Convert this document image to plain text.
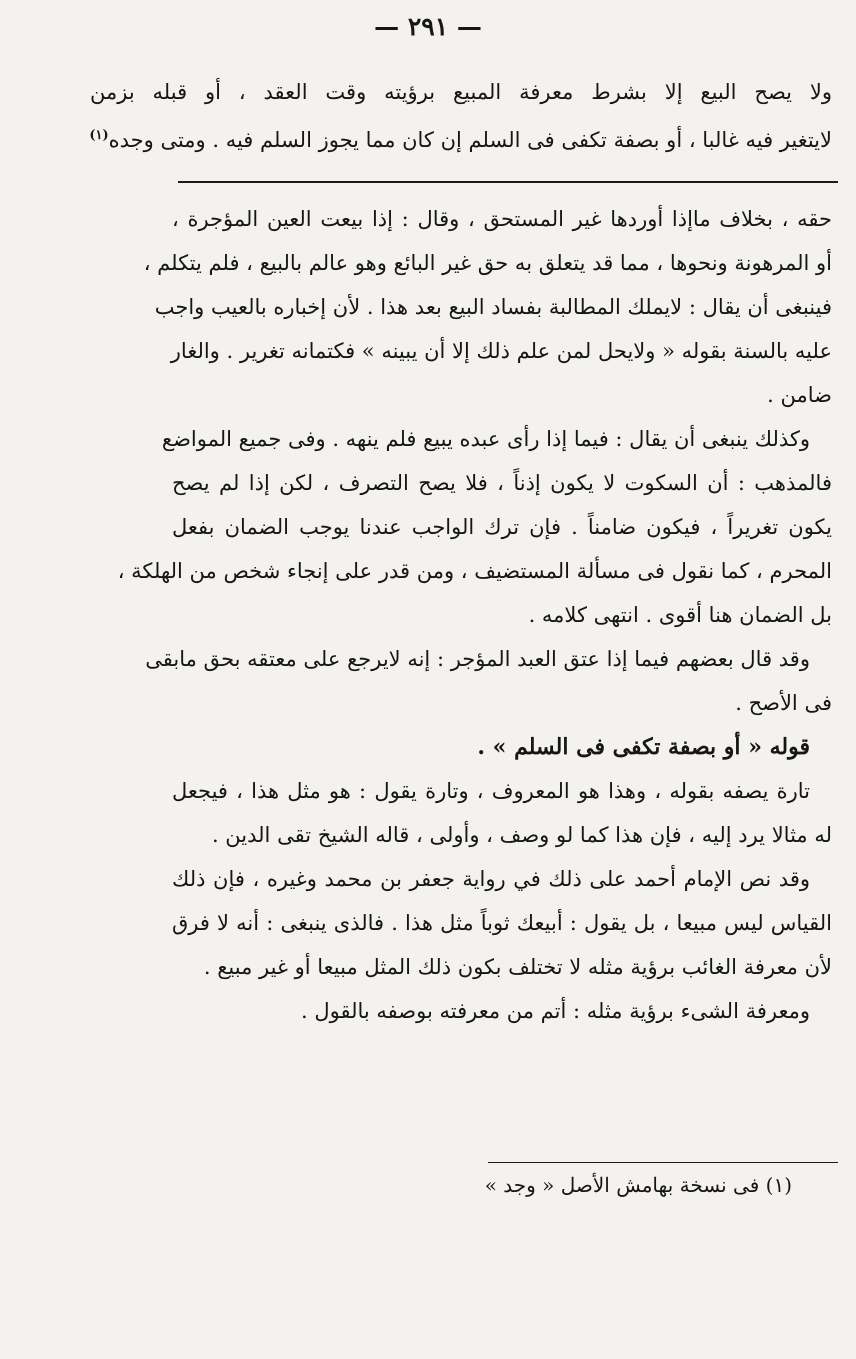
— ٢٩١ —
ولا يصح البيع إلا بشرط معرفة المبيع برؤيته وقت العقد ، أو قبله بزمن
لايتغير فيه غالبا ، أو بصفة تكفى فى السلم إن كان مما يجوز السلم فيه . ومتى وجده$^{(١)}$
حقه ، بخلاف ماإذا أوردها غير المستحق ، وقال : إذا بيعت العين المؤجرة ،
أو المرهونة ونحوها ، مما قد يتعلق به حق غير البائع وهو عالم بالبيع ، فلم يتكلم ،
فينبغى أن يقال : لايملك المطالبة بفساد البيع بعد هذا . لأن إخباره بالعيب واجب
عليه بالسنة بقوله « ولايحل لمن علم ذلك إلا أن يبينه » فكتمانه تغرير . والغار
ضامن .
وكذلك ينبغى أن يقال : فيما إذا رأى عبده يبيع فلم ينهه . وفى جميع المواضع
فالمذهب : أن السكوت لا يكون إذناً ، فلا يصح التصرف ، لكن إذا لم يصح
يكون تغريراً ، فيكون ضامناً . فإن ترك الواجب عندنا يوجب الضمان بفعل
المحرم ، كما نقول فى مسألة المستضيف ، ومن قدر على إنجاء شخص من الهلكة ،
بل الضمان هنا أقوى . انتهى كلامه .
وقد قال بعضهم فيما إذا عتق العبد المؤجر : إنه لايرجع على معتقه بحق مابقى
فى الأصح .
قوله « أو بصفة تكفى فى السلم » .
تارة يصفه بقوله ، وهذا هو المعروف ، وتارة يقول : هو مثل هذا ، فيجعل
له مثالا يرد إليه ، فإن هذا كما لو وصف ، وأولى ، قاله الشيخ تقى الدين .
وقد نص الإمام أحمد على ذلك في رواية جعفر بن محمد وغيره ، فإن ذلك
القياس ليس مبيعا ، بل يقول : أبيعك ثوباً مثل هذا . فالذى ينبغى : أنه لا فرق
لأن معرفة الغائب برؤية مثله لا تختلف بكون ذلك المثل مبيعا أو غير مبيع .
ومعرفة الشىء برؤية مثله : أتم من معرفته بوصفه بالقول .
(١) فى نسخة بهامش الأصل « وجد »
